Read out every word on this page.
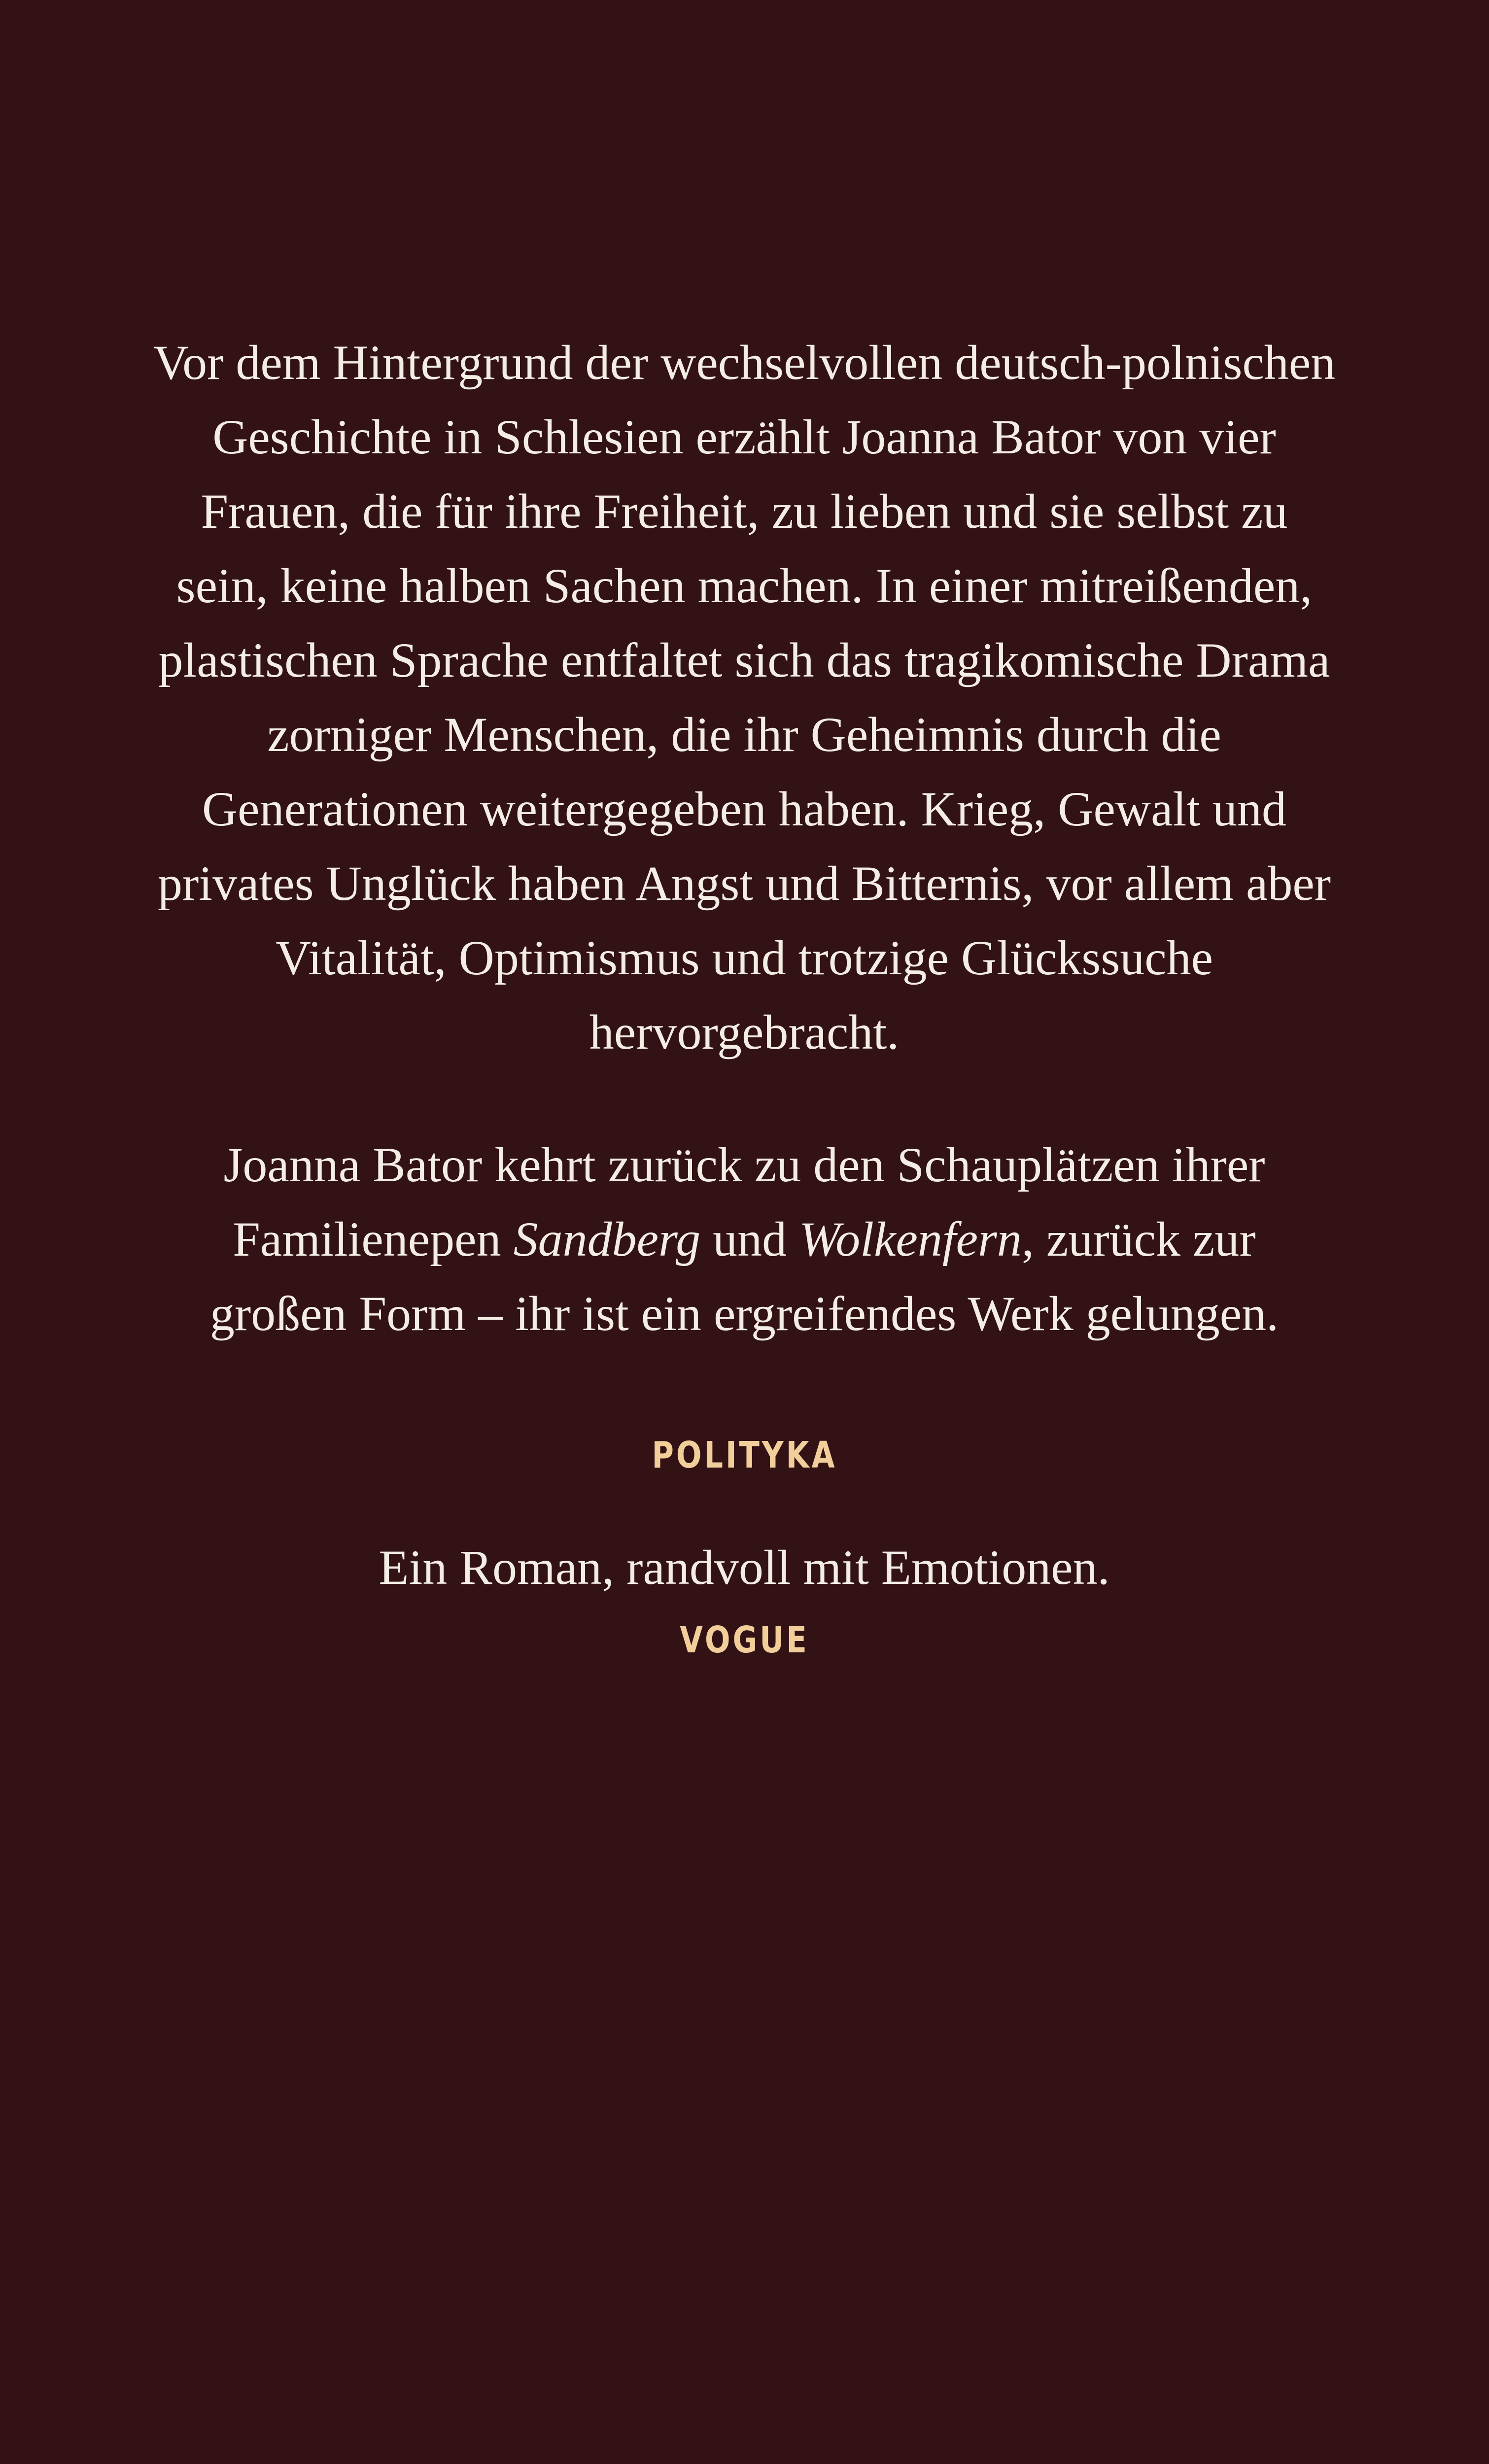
Vor dem Hintergrund der wechselvollen deutsch-polnischen Geschichte in Schlesien erzählt Joanna Bator von vier Frauen, die für ihre Freiheit, zu lieben und sie selbst zu sein, keine halben Sachen machen. In einer mitreißenden, plastischen Sprache entfaltet sich das tragikomische Drama zorniger Menschen, die ihr Geheimnis durch die Generationen weitergegeben haben. Krieg, Gewalt und privates Unglück haben Angst und Bitternis, vor allem aber Vitalität, Optimismus und trotzige Glückssuche hervorgebracht.

Joanna Bator kehrt zurück zu den Schauplätzen ihrer Familienepen Sandberg und Wolkenfern, zurück zur großen Form – ihr ist ein ergreifendes Werk gelungen.

POLITYKA

Ein Roman, randvoll mit Emotionen.

VOGUE
